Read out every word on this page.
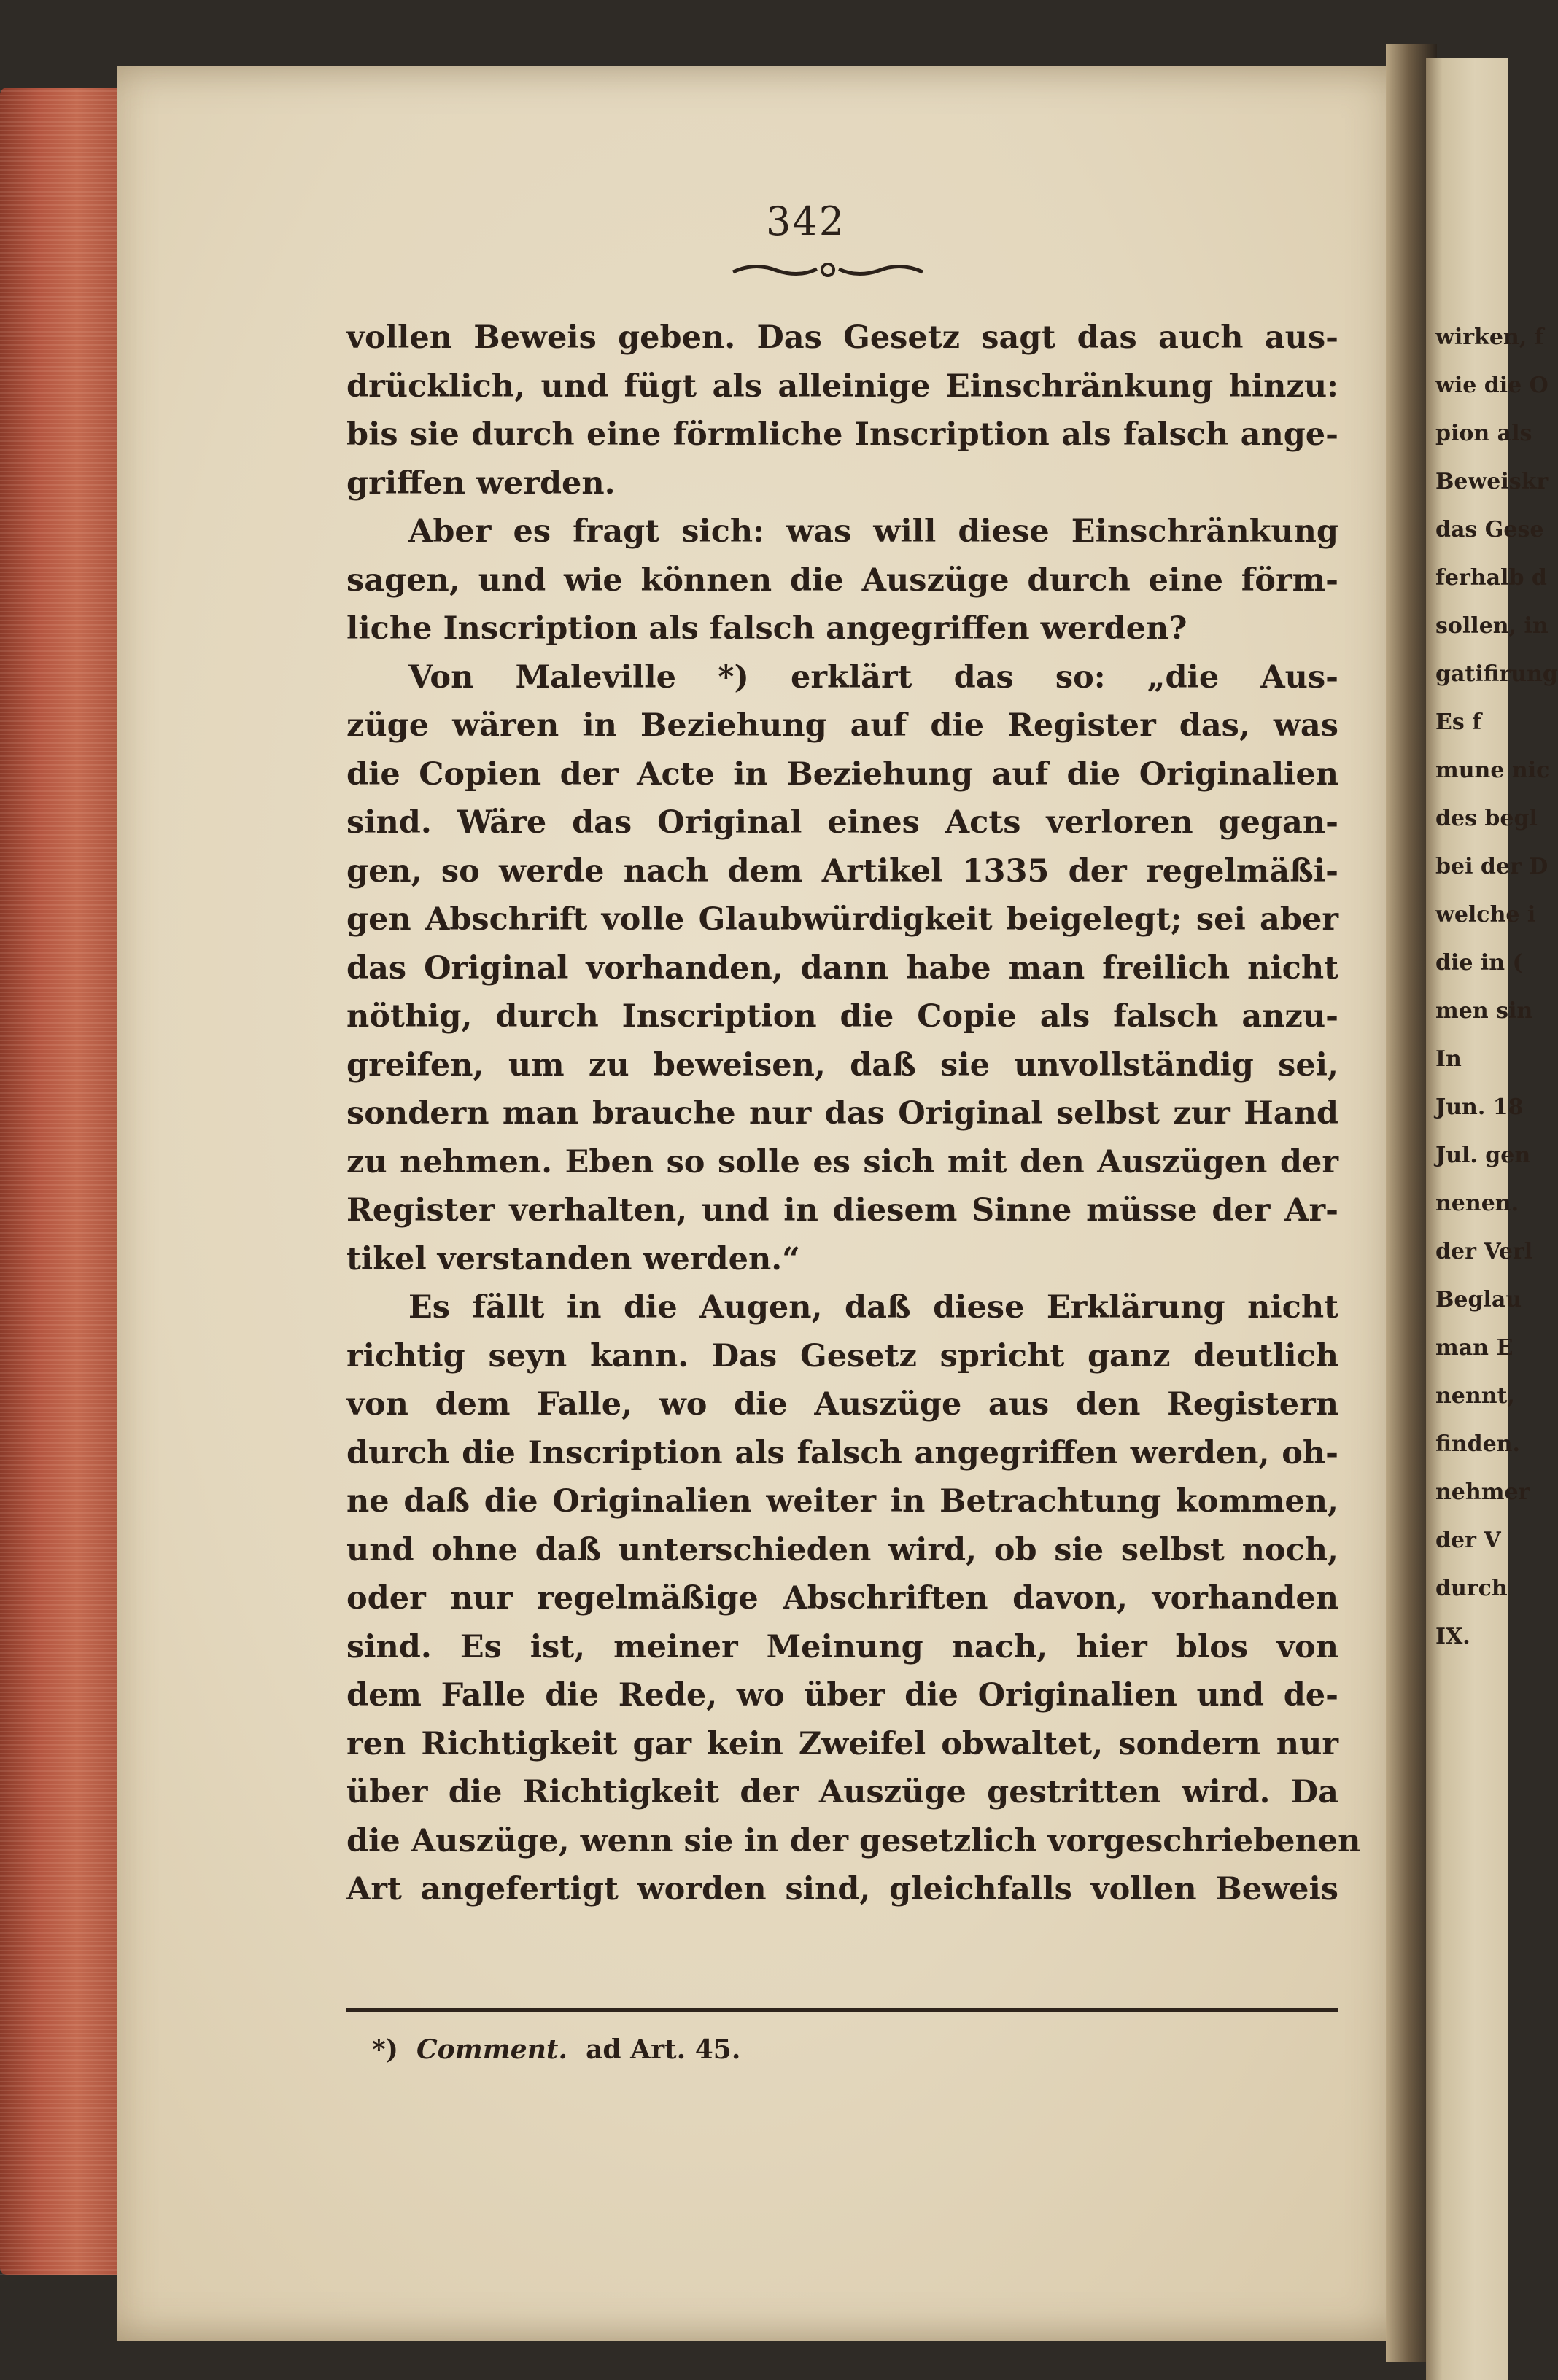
342
vollen Beweis geben. Das Gesetz sagt das auch aus-
drücklich, und fügt als alleinige Einschränkung hinzu:
bis sie durch eine förmliche Inscription als falsch ange-
griffen werden.
Aber es fragt sich: was will diese Einschränkung
sagen, und wie können die Auszüge durch eine förm-
liche Inscription als falsch angegriffen werden?
Von Maleville *) erklärt das so: „die Aus-
züge wären in Beziehung auf die Register das, was
die Copien der Acte in Beziehung auf die Originalien
sind. Wäre das Original eines Acts verloren gegan-
gen, so werde nach dem Artikel 1335 der regelmäßi-
gen Abschrift volle Glaubwürdigkeit beigelegt; sei aber
das Original vorhanden, dann habe man freilich nicht
nöthig, durch Inscription die Copie als falsch anzu-
greifen, um zu beweisen, daß sie unvollständig sei,
sondern man brauche nur das Original selbst zur Hand
zu nehmen. Eben so solle es sich mit den Auszügen der
Register verhalten, und in diesem Sinne müsse der Ar-
tikel verstanden werden.“
Es fällt in die Augen, daß diese Erklärung nicht
richtig seyn kann. Das Gesetz spricht ganz deutlich
von dem Falle, wo die Auszüge aus den Registern
durch die Inscription als falsch angegriffen werden, oh-
ne daß die Originalien weiter in Betrachtung kommen,
und ohne daß unterschieden wird, ob sie selbst noch,
oder nur regelmäßige Abschriften davon, vorhanden
sind. Es ist, meiner Meinung nach, hier blos von
dem Falle die Rede, wo über die Originalien und de-
ren Richtigkeit gar kein Zweifel obwaltet, sondern nur
über die Richtigkeit der Auszüge gestritten wird. Da
die Auszüge, wenn sie in der gesetzlich vorgeschriebenen
Art angefertigt worden sind, gleichfalls vollen Beweis
*) Comment. ad Art. 45.
wirken, f
wie die O
pion als
Beweiskr
das Gese
ferhalb d
sollen, in
gatifirung
Es f
mune nic
des begl
bei der D
welche i
die in (
men sin
In
Jun. 18
Jul. gen
nenen.
der Verl
Beglau
man E
nennt,
finden.
nehmer
der V
durch
IX.
